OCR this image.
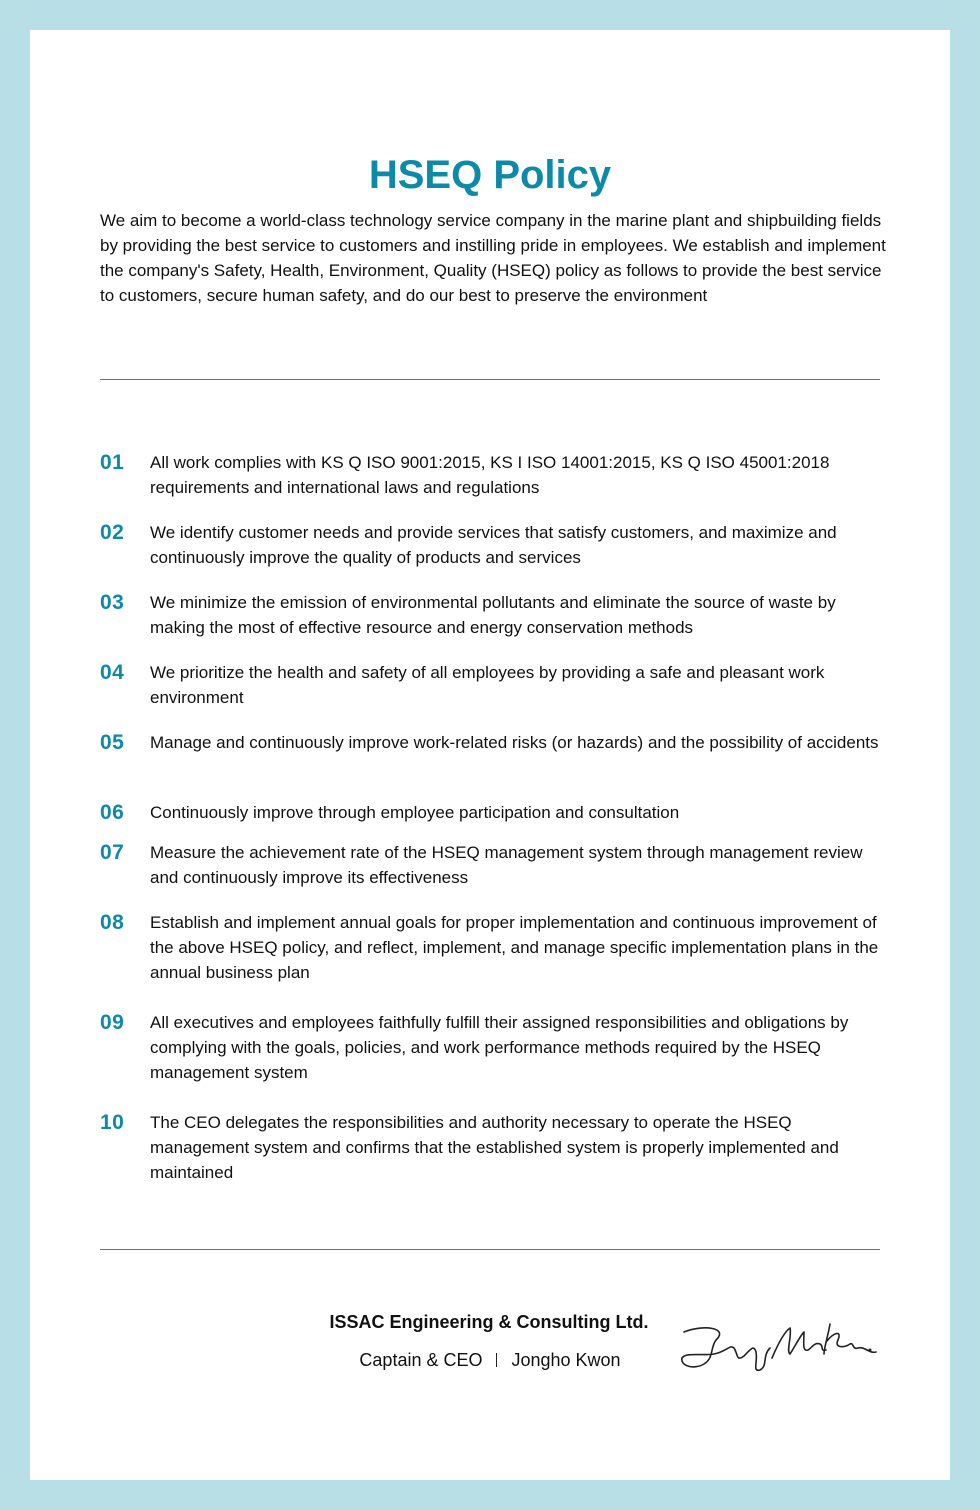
HSEQ Policy

We aim to become a world-class technology service company in the marine plant and shipbuilding fields by providing the best service to customers and instilling pride in employees. We establish and implement the company's Safety, Health, Environment, Quality (HSEQ) policy as follows to provide the best service to customers, secure human safety, and do our best to preserve the environment

01 All work complies with KS Q ISO 9001:2015, KS I ISO 14001:2015, KS Q ISO 45001:2018 requirements and international laws and regulations
02 We identify customer needs and provide services that satisfy customers, and maximize and continuously improve the quality of products and services
03 We minimize the emission of environmental pollutants and eliminate the source of waste by making the most of effective resource and energy conservation methods
04 We prioritize the health and safety of all employees by providing a safe and pleasant work environment
05 Manage and continuously improve work-related risks (or hazards) and the possibility of accidents
06 Continuously improve through employee participation and consultation
07 Measure the achievement rate of the HSEQ management system through management review and continuously improve its effectiveness
08 Establish and implement annual goals for proper implementation and continuous improvement of the above HSEQ policy, and reflect, implement, and manage specific implementation plans in the annual business plan
09 All executives and employees faithfully fulfill their assigned responsibilities and obligations by complying with the goals, policies, and work performance methods required by the HSEQ management system
10 The CEO delegates the responsibilities and authority necessary to operate the HSEQ management system and confirms that the established system is properly implemented and maintained
ISSAC Engineering & Consulting Ltd.
Captain & CEO Jongho Kwon
